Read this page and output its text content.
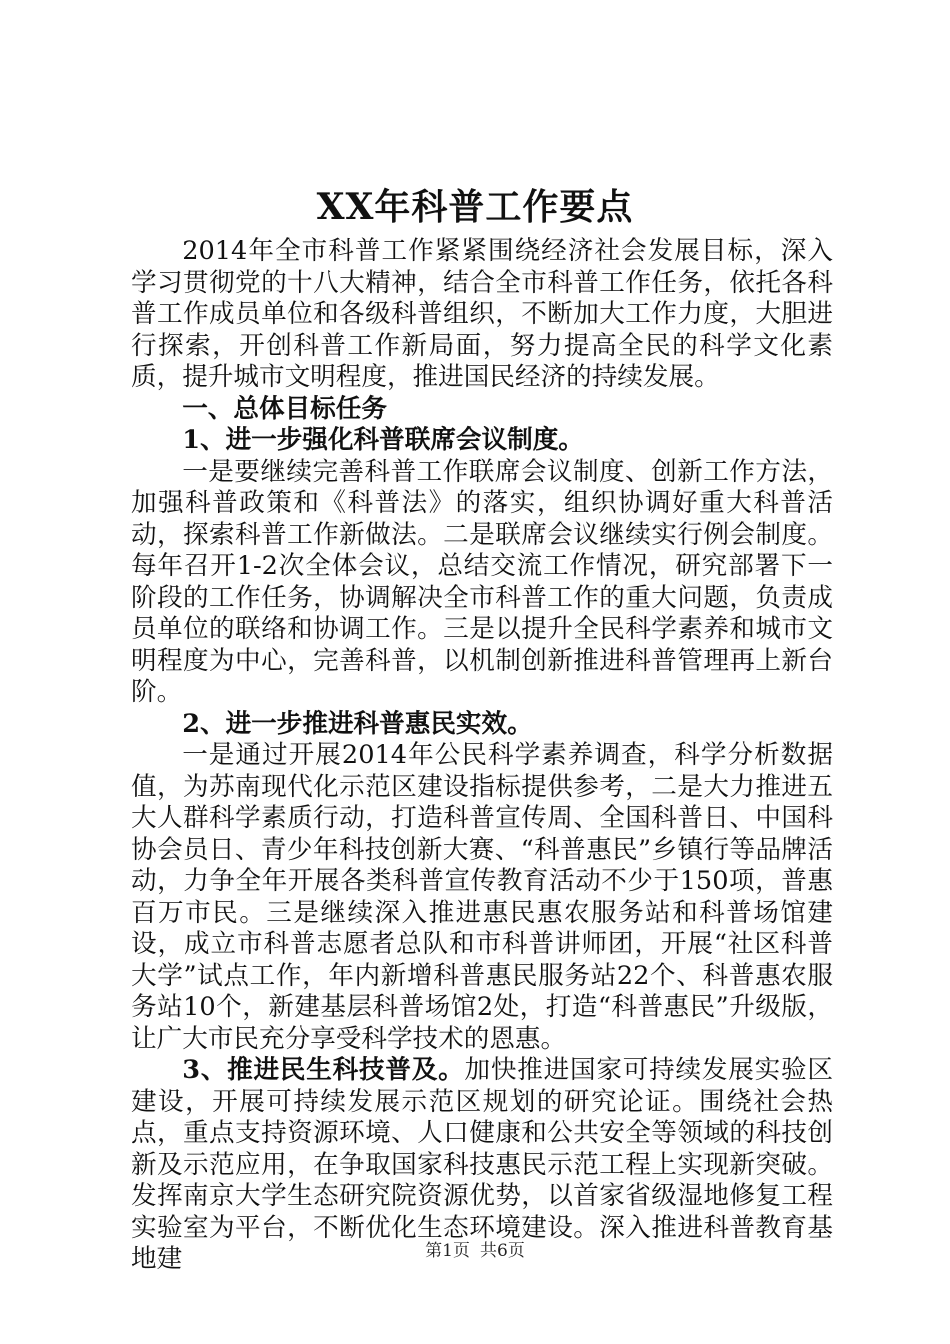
XX年科普工作要点

2014年全市科普工作紧紧围绕经济社会发展目标，深入学习贯彻党的十八大精神，结合全市科普工作任务，依托各科普工作成员单位和各级科普组织，不断加大工作力度，大胆进行探索，开创科普工作新局面，努力提高全民的科学文化素质，提升城市文明程度，推进国民经济的持续发展。

一、总体目标任务

1、进一步强化科普联席会议制度。

一是要继续完善科普工作联席会议制度、创新工作方法，加强科普政策和《科普法》的落实，组织协调好重大科普活动，探索科普工作新做法。二是联席会议继续实行例会制度。每年召开1-2次全体会议，总结交流工作情况，研究部署下一阶段的工作任务，协调解决全市科普工作的重大问题，负责成员单位的联络和协调工作。三是以提升全民科学素养和城市文明程度为中心，完善科普，以机制创新推进科普管理再上新台阶。

2、进一步推进科普惠民实效。

一是通过开展2014年公民科学素养调查，科学分析数据值，为苏南现代化示范区建设指标提供参考，二是大力推进五大人群科学素质行动，打造科普宣传周、全国科普日、中国科协会员日、青少年科技创新大赛、“科普惠民”乡镇行等品牌活动，力争全年开展各类科普宣传教育活动不少于150项，普惠百万市民。三是继续深入推进惠民惠农服务站和科普场馆建设，成立市科普志愿者总队和市科普讲师团，开展“社区科普大学”试点工作，年内新增科普惠民服务站22个、科普惠农服务站10个，新建基层科普场馆2处，打造“科普惠民”升级版，让广大市民充分享受科学技术的恩惠。

3、推进民生科技普及。加快推进国家可持续发展实验区建设，开展可持续发展示范区规划的研究论证。围绕社会热点，重点支持资源环境、人口健康和公共安全等领域的科技创新及示范应用，在争取国家科技惠民示范工程上实现新突破。发挥南京大学生态研究院资源优势，以首家省级湿地修复工程实验室为平台，不断优化生态环境建设。深入推进科普教育基地建	第1页 共6页
